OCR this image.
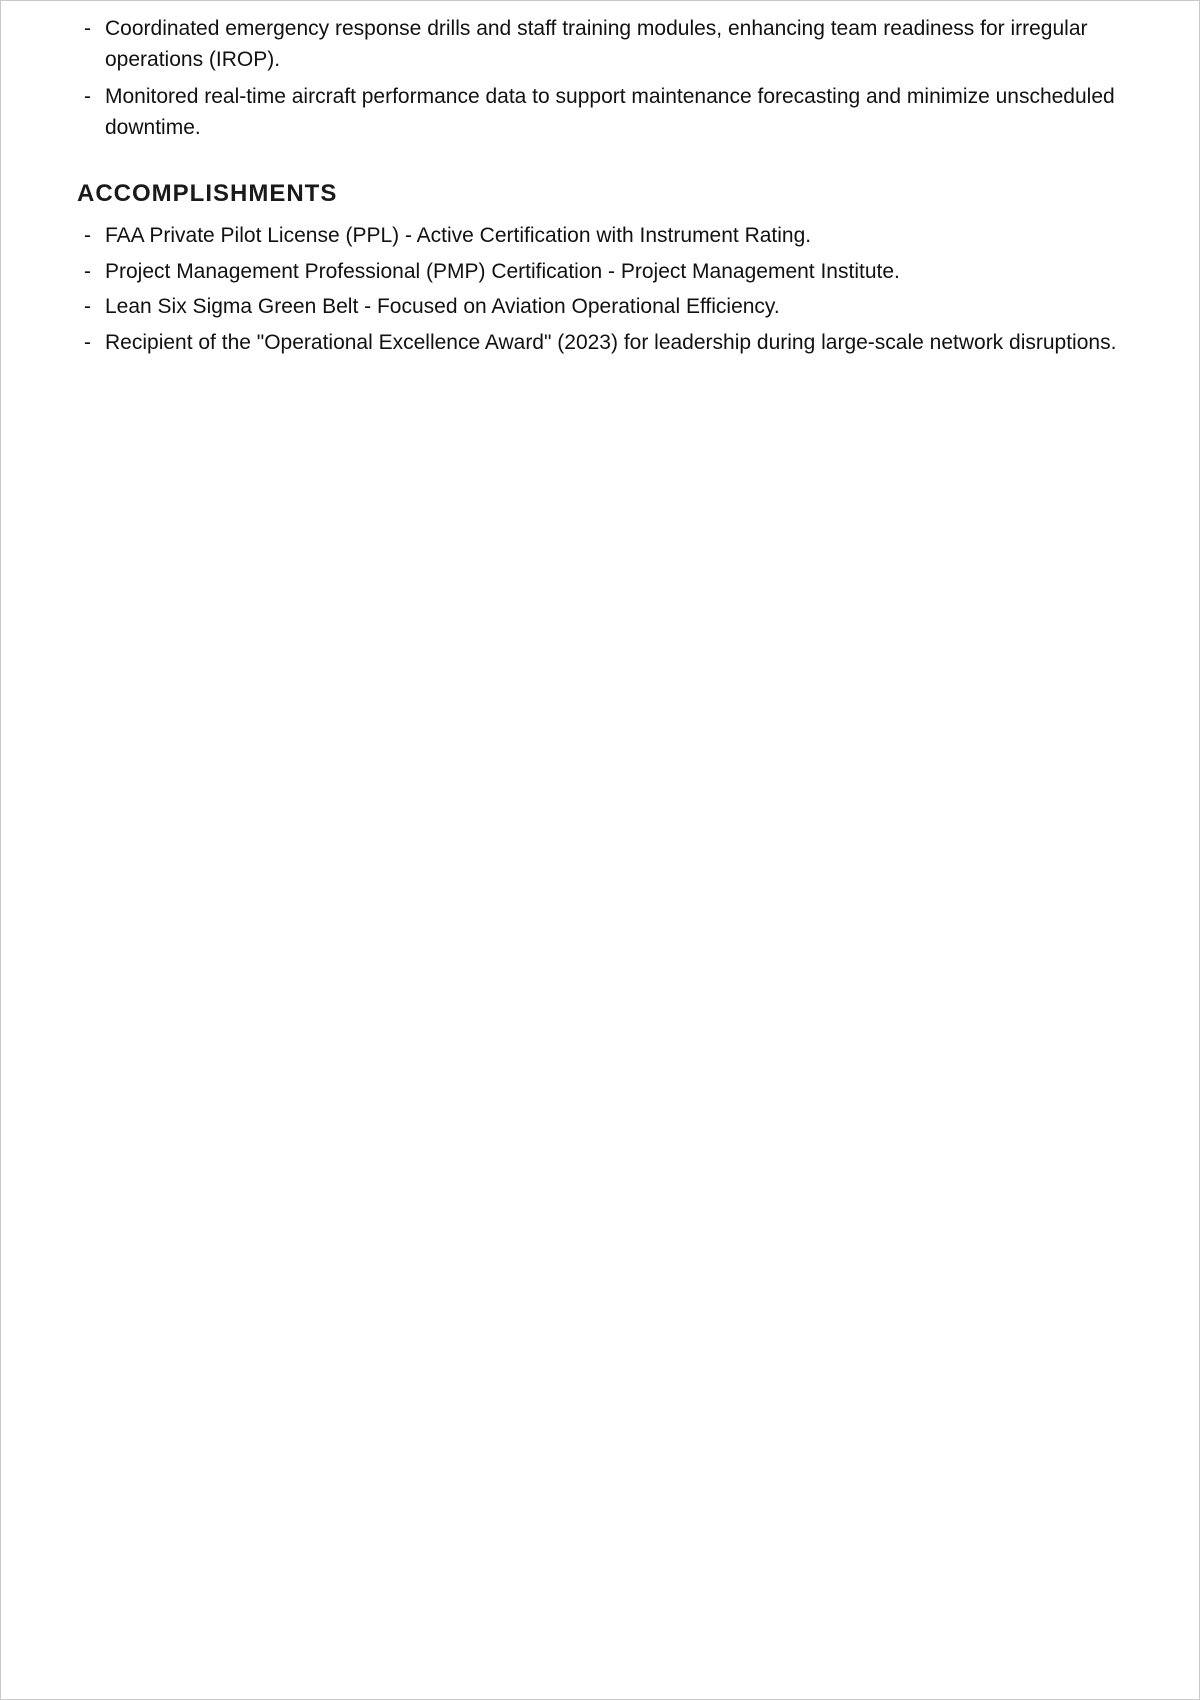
- Coordinated emergency response drills and staff training modules, enhancing team readiness for irregular operations (IROP).
- Monitored real-time aircraft performance data to support maintenance forecasting and minimize unscheduled downtime.
ACCOMPLISHMENTS
- FAA Private Pilot License (PPL) - Active Certification with Instrument Rating.
- Project Management Professional (PMP) Certification - Project Management Institute.
- Lean Six Sigma Green Belt - Focused on Aviation Operational Efficiency.
- Recipient of the "Operational Excellence Award" (2023) for leadership during large-scale network disruptions.
